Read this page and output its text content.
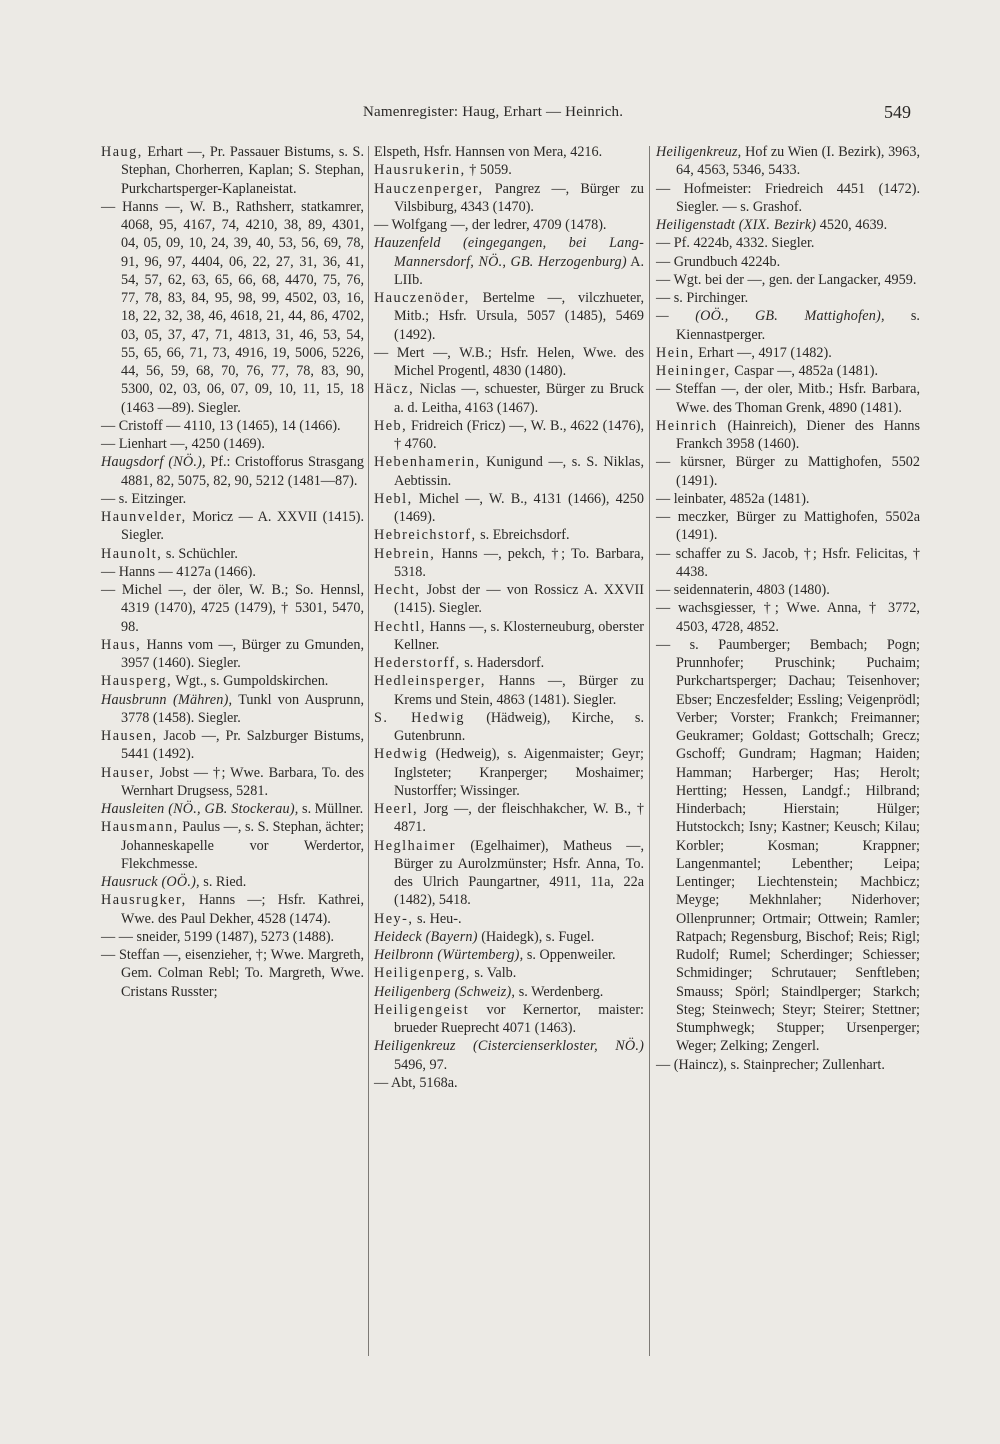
Namenregister: Haug, Erhart — Heinrich.	549

Haug, Erhart —, Pr. Passauer Bistums, s. S. Stephan, Chorherren, Kaplan; S. Stephan, Purkchartsperger-Kaplaneistat.

— Hanns —, W. B., Rathsherr, statkamrer, 4068, 95, 4167, 74, 4210, 38, 89, 4301, 04, 05, 09, 10, 24, 39, 40, 53, 56, 69, 78, 91, 96, 97, 4404, 06, 22, 27, 31, 36, 41, 54, 57, 62, 63, 65, 66, 68, 4470, 75, 76, 77, 78, 83, 84, 95, 98, 99, 4502, 03, 16, 18, 22, 32, 38, 46, 4618, 21, 44, 86, 4702, 03, 05, 37, 47, 71, 4813, 31, 46, 53, 54, 55, 65, 66, 71, 73, 4916, 19, 5006, 5226, 44, 56, 59, 68, 70, 76, 77, 78, 83, 90, 5300, 02, 03, 06, 07, 09, 10, 11, 15, 18 (1463 —89). Siegler.

— Cristoff — 4110, 13 (1465), 14 (1466).

— Lienhart —, 4250 (1469).

Haugsdorf (NÖ.), Pf.: Cristofforus Strasgang 4881, 82, 5075, 82, 90, 5212 (1481—87).

— s. Eitzinger.

Haunvelder, Moricz — A. XXVII (1415). Siegler.

Haunolt, s. Schüchler.

— Hanns — 4127a (1466).

— Michel —, der öler, W. B.; So. Hennsl, 4319 (1470), 4725 (1479), † 5301, 5470, 98.

Haus, Hanns vom —, Bürger zu Gmunden, 3957 (1460). Siegler.

Hausperg, Wgt., s. Gumpoldskirchen.

Hausbrunn (Mähren), Tunkl von Ausprunn, 3778 (1458). Siegler.

Hausen, Jacob —, Pr. Salzburger Bistums, 5441 (1492).

Hauser, Jobst — †; Wwe. Barbara, To. des Wernhart Drugsess, 5281.

Hausleiten (NÖ., GB. Stockerau), s. Müllner.

Hausmann, Paulus —, s. S. Stephan, ächter; Johanneskapelle vor Werdertor, Flekchmesse.

Hausruck (OÖ.), s. Ried.

Hausrugker, Hanns —; Hsfr. Kathrei, Wwe. des Paul Dekher, 4528 (1474).

— — sneider, 5199 (1487), 5273 (1488).

— Steffan —, eisenzieher, †; Wwe. Margreth, Gem. Colman Rebl; To. Margreth, Wwe. Cristans Russter;

Elspeth, Hsfr. Hannsen von Mera, 4216.

Hausrukerin, † 5059.

Hauczenperger, Pangrez —, Bürger zu Vilsbiburg, 4343 (1470).

— Wolfgang —, der ledrer, 4709 (1478).

Hauzenfeld (eingegangen, bei Lang-Mannersdorf, NÖ., GB. Herzogenburg) A. LIIb.

Hauczenöder, Bertelme —, vilczhueter, Mitb.; Hsfr. Ursula, 5057 (1485), 5469 (1492).

— Mert —, W.B.; Hsfr. Helen, Wwe. des Michel Progentl, 4830 (1480).

Häcz, Niclas —, schuester, Bürger zu Bruck a. d. Leitha, 4163 (1467).

Heb, Fridreich (Fricz) —, W. B., 4622 (1476), † 4760.

Hebenhamerin, Kunigund —, s. S. Niklas, Aebtissin.

Hebl, Michel —, W. B., 4131 (1466), 4250 (1469).

Hebreichstorf, s. Ebreichsdorf.

Hebrein, Hanns —, pekch, †; To. Barbara, 5318.

Hecht, Jobst der — von Rossicz A. XXVII (1415). Siegler.

Hechtl, Hanns —, s. Klosterneuburg, oberster Kellner.

Hederstorff, s. Hadersdorf.

Hedleinsperger, Hanns —, Bürger zu Krems und Stein, 4863 (1481). Siegler.

S. Hedwig (Hädweig), Kirche, s. Gutenbrunn.

Hedwig (Hedweig), s. Aigenmaister; Geyr; Inglsteter; Kranperger; Moshaimer; Nustorffer; Wissinger.

Heerl, Jorg —, der fleischhakcher, W. B., † 4871.

Heglhaimer (Egelhaimer), Matheus —, Bürger zu Aurolzmünster; Hsfr. Anna, To. des Ulrich Paungartner, 4911, 11a, 22a (1482), 5418.

Hey-, s. Heu-.

Heideck (Bayern) (Haidegk), s. Fugel.

Heilbronn (Würtemberg), s. Oppenweiler.

Heiligenperg, s. Valb.

Heiligenberg (Schweiz), s. Werdenberg.

Heiligengeist vor Kernertor, maister: brueder Rueprecht 4071 (1463).

Heiligenkreuz (Cistercienserkloster, NÖ.) 5496, 97.

— Abt, 5168a.

Heiligenkreuz, Hof zu Wien (I. Bezirk), 3963, 64, 4563, 5346, 5433.

— Hofmeister: Friedreich 4451 (1472). Siegler. — s. Grashof.

Heiligenstadt (XIX. Bezirk) 4520, 4639.

— Pf. 4224b, 4332. Siegler.

— Grundbuch 4224b.

— Wgt. bei der —, gen. der Langacker, 4959.

— s. Pirchinger.

— (OÖ., GB. Mattighofen), s. Kiennastperger.

Hein, Erhart —, 4917 (1482).

Heininger, Caspar —, 4852a (1481).

— Steffan —, der oler, Mitb.; Hsfr. Barbara, Wwe. des Thoman Grenk, 4890 (1481).

Heinrich (Hainreich), Diener des Hanns Frankch 3958 (1460).

— kürsner, Bürger zu Mattighofen, 5502 (1491).

— leinbater, 4852a (1481).

— meczker, Bürger zu Mattighofen, 5502a (1491).

— schaffer zu S. Jacob, †; Hsfr. Felicitas, † 4438.

— seidennaterin, 4803 (1480).

— wachsgiesser, †; Wwe. Anna, † 3772, 4503, 4728, 4852.

— s. Paumberger; Bembach; Pogn; Prunnhofer; Pruschink; Puchaim; Purkchartsperger; Dachau; Teisenhover; Ebser; Enczesfelder; Essling; Veigenprödl; Verber; Vorster; Frankch; Freimanner; Geukramer; Goldast; Gottschalh; Grecz; Gschoff; Gundram; Hagman; Haiden; Hamman; Harberger; Has; Herolt; Hertting; Hessen, Landgf.; Hilbrand; Hinderbach; Hierstain; Hülger; Hutstockch; Isny; Kastner; Keusch; Kilau; Korbler; Kosman; Krappner; Langenmantel; Lebenther; Leipa; Lentinger; Liechtenstein; Machbicz; Meyge; Mekhnlaher; Niderhover; Ollenprunner; Ortmair; Ottwein; Ramler; Ratpach; Regensburg, Bischof; Reis; Rigl; Rudolf; Rumel; Scherdinger; Schiesser; Schmidinger; Schrutauer; Senftleben; Smauss; Spörl; Staindlperger; Starkch; Steg; Steinwech; Steyr; Steirer; Stettner; Stumphwegk; Stupper; Ursenperger; Weger; Zelking; Zengerl.

— (Haincz), s. Stainprecher; Zullenhart.
